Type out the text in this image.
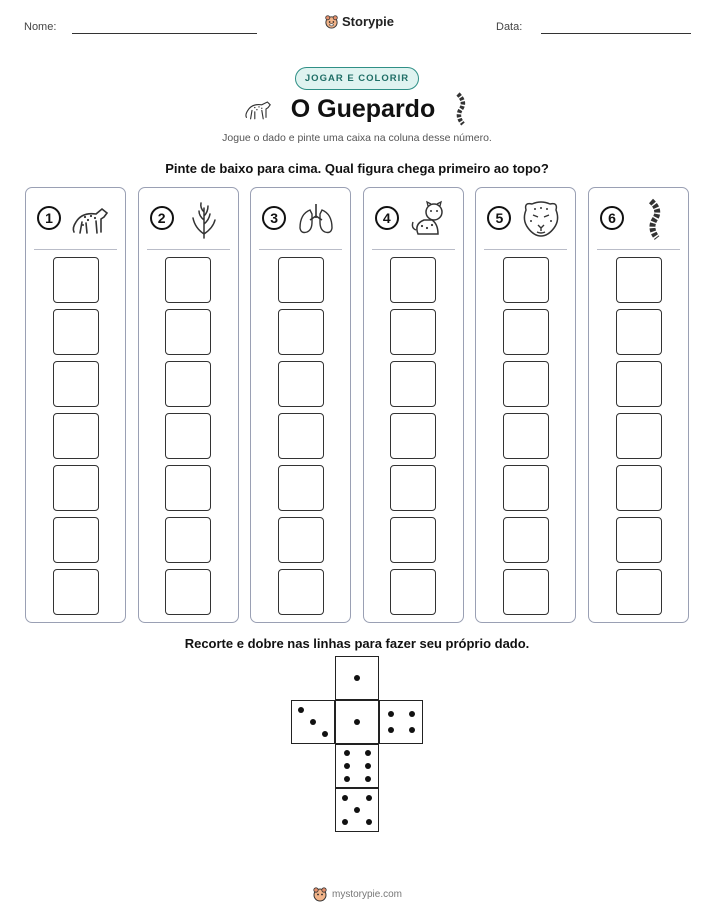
Nome:	Storypie	Data:
JOGAR E COLORIR
O Guepardo
Jogue o dado e pinte uma caixa na coluna desse número.
Pinte de baixo para cima. Qual figura chega primeiro ao topo?
1	2	3	4	5	6
Recorte e dobre nas linhas para fazer seu próprio dado.
mystorypie.com
